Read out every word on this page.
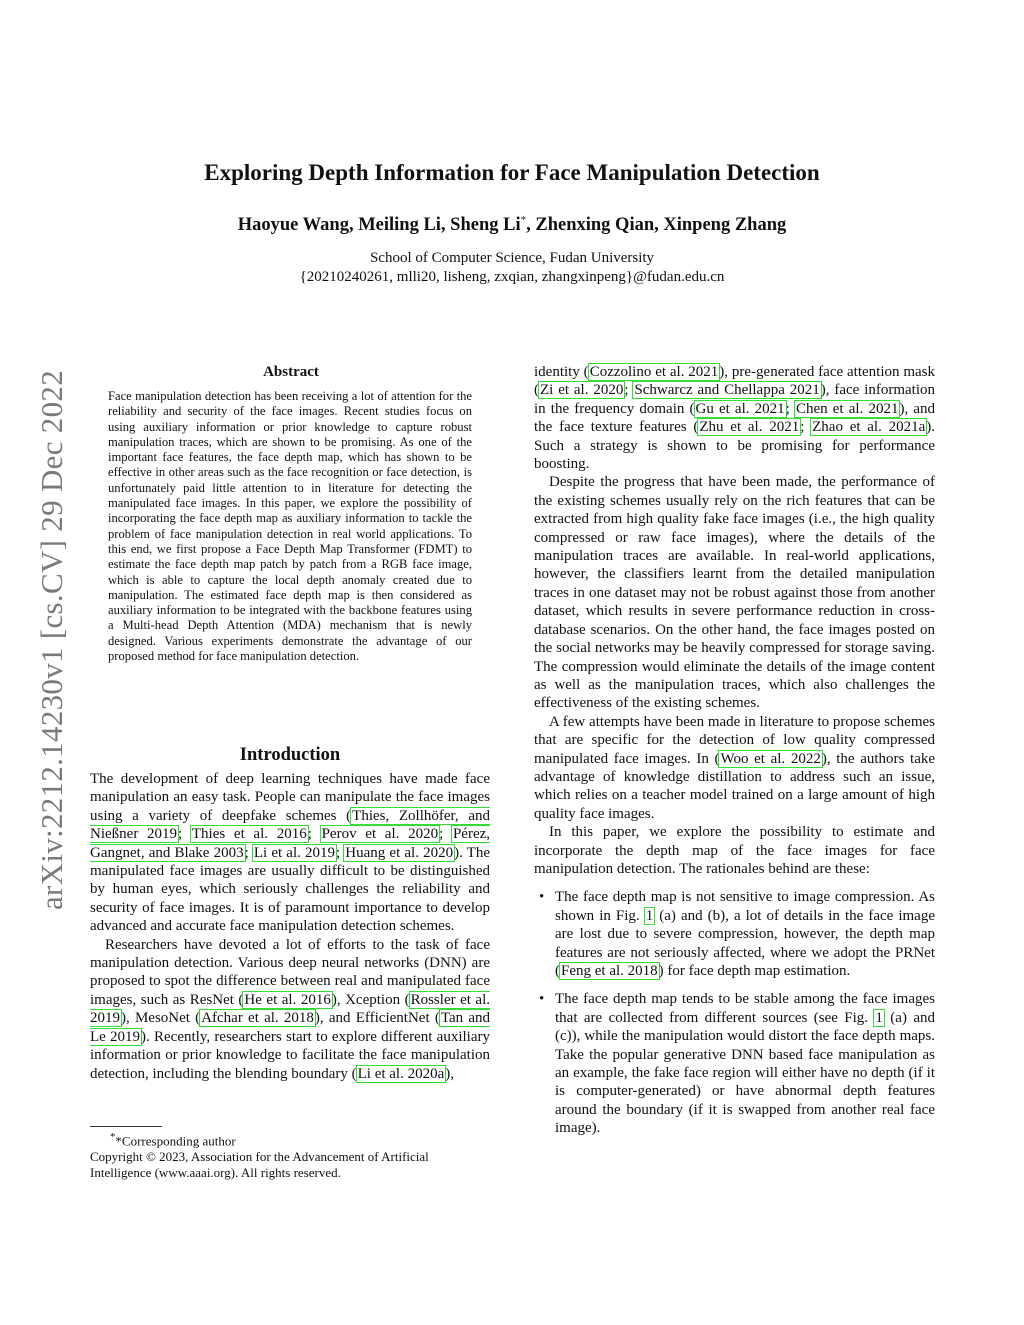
arXiv:2212.14230v1 [cs.CV] 29 Dec 2022
Exploring Depth Information for Face Manipulation Detection
Haoyue Wang, Meiling Li, Sheng Li*, Zhenxing Qian, Xinpeng Zhang
School of Computer Science, Fudan University
{20210240261, mlli20, lisheng, zxqian, zhangxinpeng}@fudan.edu.cn
Abstract
Face manipulation detection has been receiving a lot of attention for the reliability and security of the face images. Recent studies focus on using auxiliary information or prior knowledge to capture robust manipulation traces, which are shown to be promising. As one of the important face features, the face depth map, which has shown to be effective in other areas such as the face recognition or face detection, is unfortunately paid little attention to in literature for detecting the manipulated face images. In this paper, we explore the possibility of incorporating the face depth map as auxiliary information to tackle the problem of face manipulation detection in real world applications. To this end, we first propose a Face Depth Map Transformer (FDMT) to estimate the face depth map patch by patch from a RGB face image, which is able to capture the local depth anomaly created due to manipulation. The estimated face depth map is then considered as auxiliary information to be integrated with the backbone features using a Multi-head Depth Attention (MDA) mechanism that is newly designed. Various experiments demonstrate the advantage of our proposed method for face manipulation detection.
Introduction

The development of deep learning techniques have made face manipulation an easy task. People can manipulate the face images using a variety of deepfake schemes (Thies, Zollhöfer, and Nießner 2019; Thies et al. 2016; Perov et al. 2020; Pérez, Gangnet, and Blake 2003; Li et al. 2019; Huang et al. 2020). The manipulated face images are usually difficult to be distinguished by human eyes, which seriously challenges the reliability and security of face images. It is of paramount importance to develop advanced and accurate face manipulation detection schemes.

Researchers have devoted a lot of efforts to the task of face manipulation detection. Various deep neural networks (DNN) are proposed to spot the difference between real and manipulated face images, such as ResNet (He et al. 2016), Xception (Rossler et al. 2019), MesoNet (Afchar et al. 2018), and EfficientNet (Tan and Le 2019). Recently, researchers start to explore different auxiliary information or prior knowledge to facilitate the face manipulation detection, including the blending boundary (Li et al. 2020a),

**Corresponding author
Copyright © 2023, Association for the Advancement of Artificial Intelligence (www.aaai.org). All rights reserved.

identity (Cozzolino et al. 2021), pre-generated face attention mask (Zi et al. 2020; Schwarcz and Chellappa 2021), face information in the frequency domain (Gu et al. 2021; Chen et al. 2021), and the face texture features (Zhu et al. 2021; Zhao et al. 2021a). Such a strategy is shown to be promising for performance boosting.

Despite the progress that have been made, the performance of the existing schemes usually rely on the rich features that can be extracted from high quality fake face images (i.e., the high quality compressed or raw face images), where the details of the manipulation traces are available. In real-world applications, however, the classifiers learnt from the detailed manipulation traces in one dataset may not be robust against those from another dataset, which results in severe performance reduction in cross-database scenarios. On the other hand, the face images posted on the social networks may be heavily compressed for storage saving. The compression would eliminate the details of the image content as well as the manipulation traces, which also challenges the effectiveness of the existing schemes.

A few attempts have been made in literature to propose schemes that are specific for the detection of low quality compressed manipulated face images. In (Woo et al. 2022), the authors take advantage of knowledge distillation to address such an issue, which relies on a teacher model trained on a large amount of high quality face images.

In this paper, we explore the possibility to estimate and incorporate the depth map of the face images for face manipulation detection. The rationales behind are these:

• The face depth map is not sensitive to image compression. As shown in Fig. 1 (a) and (b), a lot of details in the face image are lost due to severe compression, however, the depth map features are not seriously affected, where we adopt the PRNet (Feng et al. 2018) for face depth map estimation.
• The face depth map tends to be stable among the face images that are collected from different sources (see Fig. 1 (a) and (c)), while the manipulation would distort the face depth maps. Take the popular generative DNN based face manipulation as an example, the fake face region will either have no depth (if it is computer-generated) or have abnormal depth features around the boundary (if it is swapped from another real face image).
